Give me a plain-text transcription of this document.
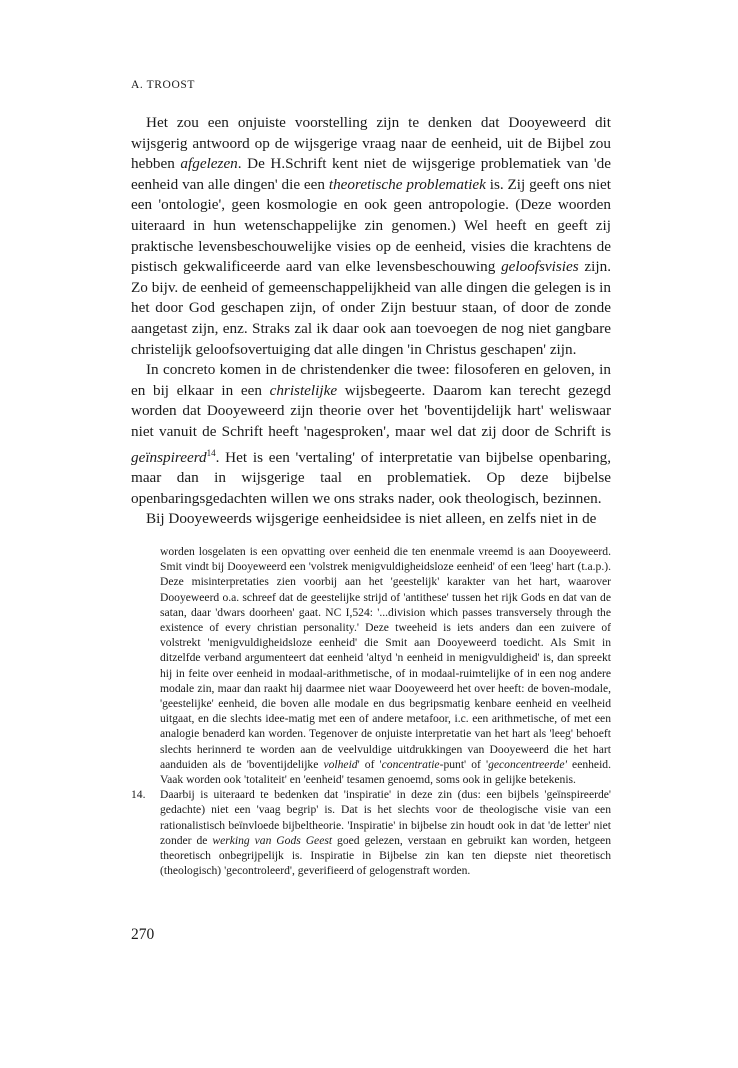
A. TROOST

Het zou een onjuiste voorstelling zijn te denken dat Dooyeweerd dit wijsgerig antwoord op de wijsgerige vraag naar de eenheid, uit de Bijbel zou hebben afgelezen. De H.Schrift kent niet de wijsgerige problematiek van 'de eenheid van alle dingen' die een theoretische problematiek is. Zij geeft ons niet een 'ontologie', geen kosmologie en ook geen antropologie. (Deze woorden uiteraard in hun wetenschappelijke zin genomen.) Wel heeft en geeft zij praktische levensbeschouwelijke visies op de eenheid, visies die krachtens de pistisch gekwalificeerde aard van elke levensbeschouwing geloofsvisies zijn. Zo bijv. de eenheid of gemeenschappelijkheid van alle dingen die gelegen is in het door God geschapen zijn, of onder Zijn bestuur staan, of door de zonde aangetast zijn, enz. Straks zal ik daar ook aan toevoegen de nog niet gangbare christelijk geloofsovertuiging dat alle dingen 'in Christus geschapen' zijn.

In concreto komen in de christendenker die twee: filosoferen en geloven, in en bij elkaar in een christelijke wijsbegeerte. Daarom kan terecht gezegd worden dat Dooyeweerd zijn theorie over het 'boventijdelijk hart' weliswaar niet vanuit de Schrift heeft 'nagesproken', maar wel dat zij door de Schrift is geïnspireerd$^{14}$. Het is een 'vertaling' of interpretatie van bijbelse openbaring, maar dan in wijsgerige taal en problematiek. Op deze bijbelse openbaringsgedachten willen we ons straks nader, ook theologisch, bezinnen.

Bij Dooyeweerds wijsgerige eenheidsidee is niet alleen, en zelfs niet in de

worden losgelaten is een opvatting over eenheid die ten enenmale vreemd is aan Dooyeweerd. Smit vindt bij Dooyeweerd een 'volstrek menigvuldigheidsloze eenheid' of een 'leeg' hart (t.a.p.). Deze misinterpretaties zien voorbij aan het 'geestelijk' karakter van het hart, waarover Dooyeweerd o.a. schreef dat de geestelijke strijd of 'antithese' tussen het rijk Gods en dat van de satan, daar 'dwars doorheen' gaat. NC I,524: '...division which passes transversely through the existence of every christian personality.' Deze tweeheid is iets anders dan een zuivere of volstrekt 'menigvuldigheidsloze eenheid' die Smit aan Dooyeweerd toedicht. Als Smit in ditzelfde verband argumenteert dat eenheid 'altyd 'n eenheid in menigvuldigheid' is, dan spreekt hij in feite over eenheid in modaal-arithmetische, of in modaal-ruimtelijke of in een nog andere modale zin, maar dan raakt hij daarmee niet waar Dooyeweerd het over heeft: de boven-modale, 'geestelijke' eenheid, die boven alle modale en dus begripsmatig kenbare eenheid en veelheid uitgaat, en die slechts idee-matig met een of andere metafoor, i.c. een arithmetische, of met een analogie benaderd kan worden. Tegenover de onjuiste interpretatie van het hart als 'leeg' behoeft slechts herinnerd te worden aan de veelvuldige uitdrukkingen van Dooyeweerd die het hart aanduiden als de 'boventijdelijke volheid' of 'concentratie-punt' of 'geconcentreerde' eenheid. Vaak worden ook 'totaliteit' en 'eenheid' tesamen genoemd, soms ook in gelijke betekenis.

14.	Daarbij is uiteraard te bedenken dat 'inspiratie' in deze zin (dus: een bijbels 'geïnspireerde' gedachte) niet een 'vaag begrip' is. Dat is het slechts voor de theologische visie van een rationalistisch beïnvloede bijbeltheorie. 'Inspiratie' in bijbelse zin houdt ook in dat 'de letter' niet zonder de werking van Gods Geest goed gelezen, verstaan en gebruikt kan worden, hetgeen theoretisch onbegrijpelijk is. Inspiratie in Bijbelse zin kan ten diepste niet theoretisch (theologisch) 'gecontroleerd', geverifieerd of gelogenstraft worden.
270
